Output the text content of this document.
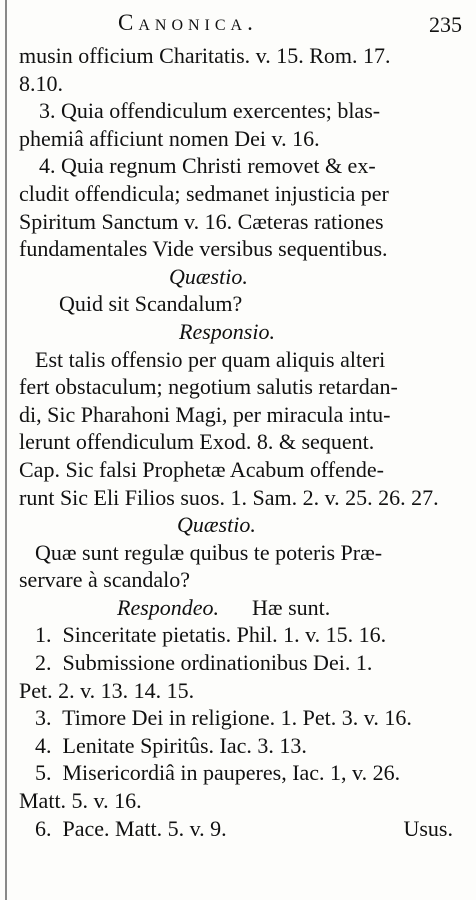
Canonica.	235
musin officium Charitatis. v. 15. Rom. 17.
8.10.
3. Quia offendiculum exercentes; blas-
phemiâ afficiunt nomen Dei v. 16.
4. Quia regnum Christi removet & ex-
cludit offendicula; sedmanet injusticia per
Spiritum Sanctum v. 16. Cæteras rationes
fundamentales Vide versibus sequentibus.
Quæstio.
Quid sit Scandalum?
Responsio.
Est talis offensio per quam aliquis alteri
fert obstaculum; negotium salutis retardan-
di, Sic Pharahoni Magi, per miracula intu-
lerunt offendiculum Exod. 8. & sequent.
Cap. Sic falsi Prophetæ Acabum offende-
runt Sic Eli Filios suos. 1. Sam. 2. v. 25. 26. 27.
Quæstio.
Quæ sunt regulæ quibus te poteris Præ-
servare à scandalo?
Respondeo. Hæ sunt.
1. Sinceritate pietatis. Phil. 1. v. 15. 16.
2. Submissione ordinationibus Dei. 1.
Pet. 2. v. 13. 14. 15.
3. Timore Dei in religione. 1. Pet. 3. v. 16.
4. Lenitate Spiritûs. Iac. 3. 13.
5. Misericordiâ in pauperes, Iac. 1, v. 26.
Matt. 5. v. 16.
6. Pace. Matt. 5. v. 9.	Usus.
